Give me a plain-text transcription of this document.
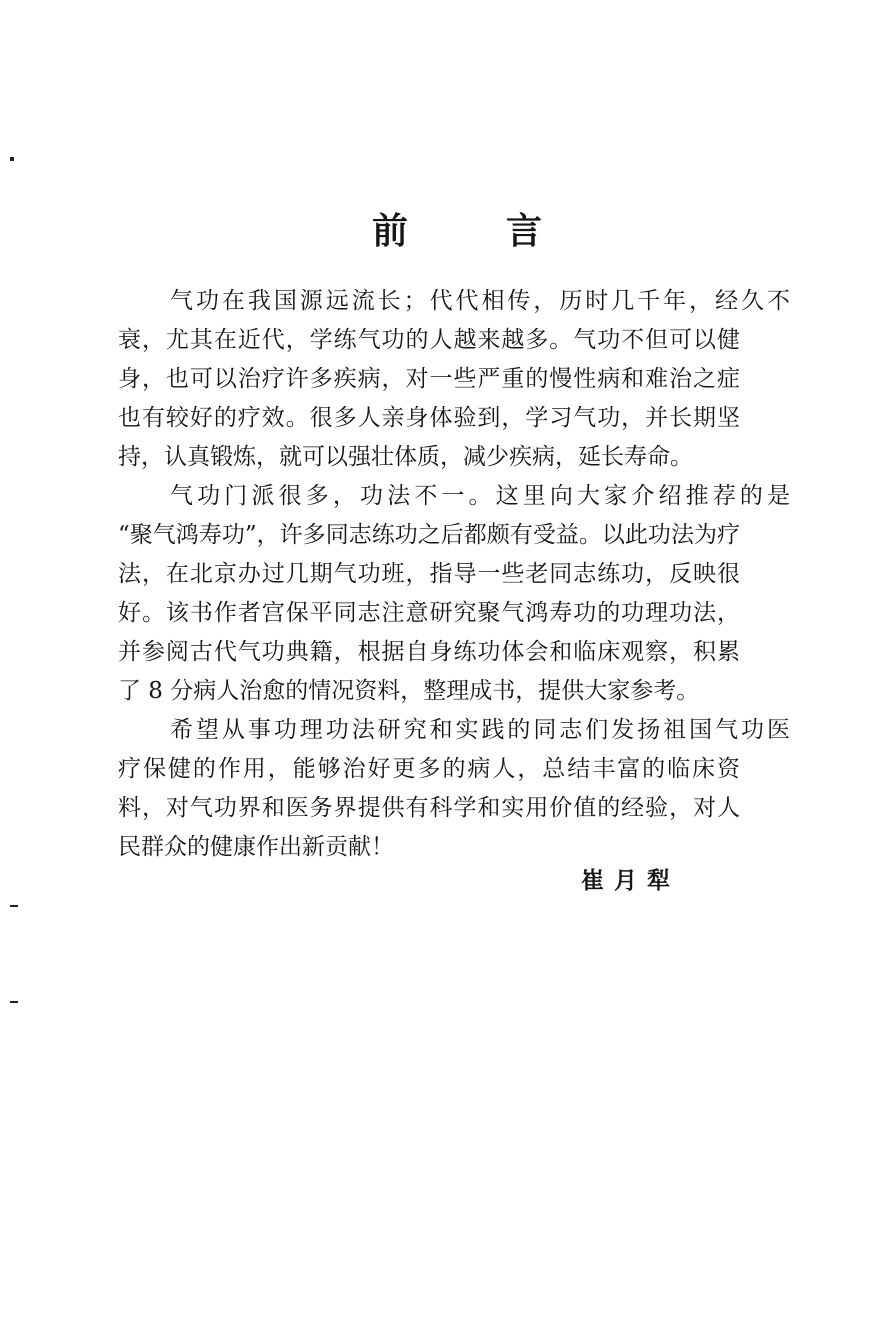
前	言
气功在我国源远流长；代代相传，历时几千年，经久不
衰，尤其在近代，学练气功的人越来越多。气功不但可以健
身，也可以治疗许多疾病，对一些严重的慢性病和难治之症
也有较好的疗效。很多人亲身体验到，学习气功，并长期坚
持，认真锻炼，就可以强壮体质，减少疾病，延长寿命。
气功门派很多，功法不一。这里向大家介绍推荐的是
“聚气鸿寿功”，许多同志练功之后都颇有受益。以此功法为疗
法，在北京办过几期气功班，指导一些老同志练功，反映很
好。该书作者宫保平同志注意研究聚气鸿寿功的功理功法，
并参阅古代气功典籍，根据自身练功体会和临床观察，积累
了 8 分病人治愈的情况资料，整理成书，提供大家参考。
希望从事功理功法研究和实践的同志们发扬祖国气功医
疗保健的作用，能够治好更多的病人，总结丰富的临床资
料，对气功界和医务界提供有科学和实用价值的经验，对人
民群众的健康作出新贡献！
崔月犁
